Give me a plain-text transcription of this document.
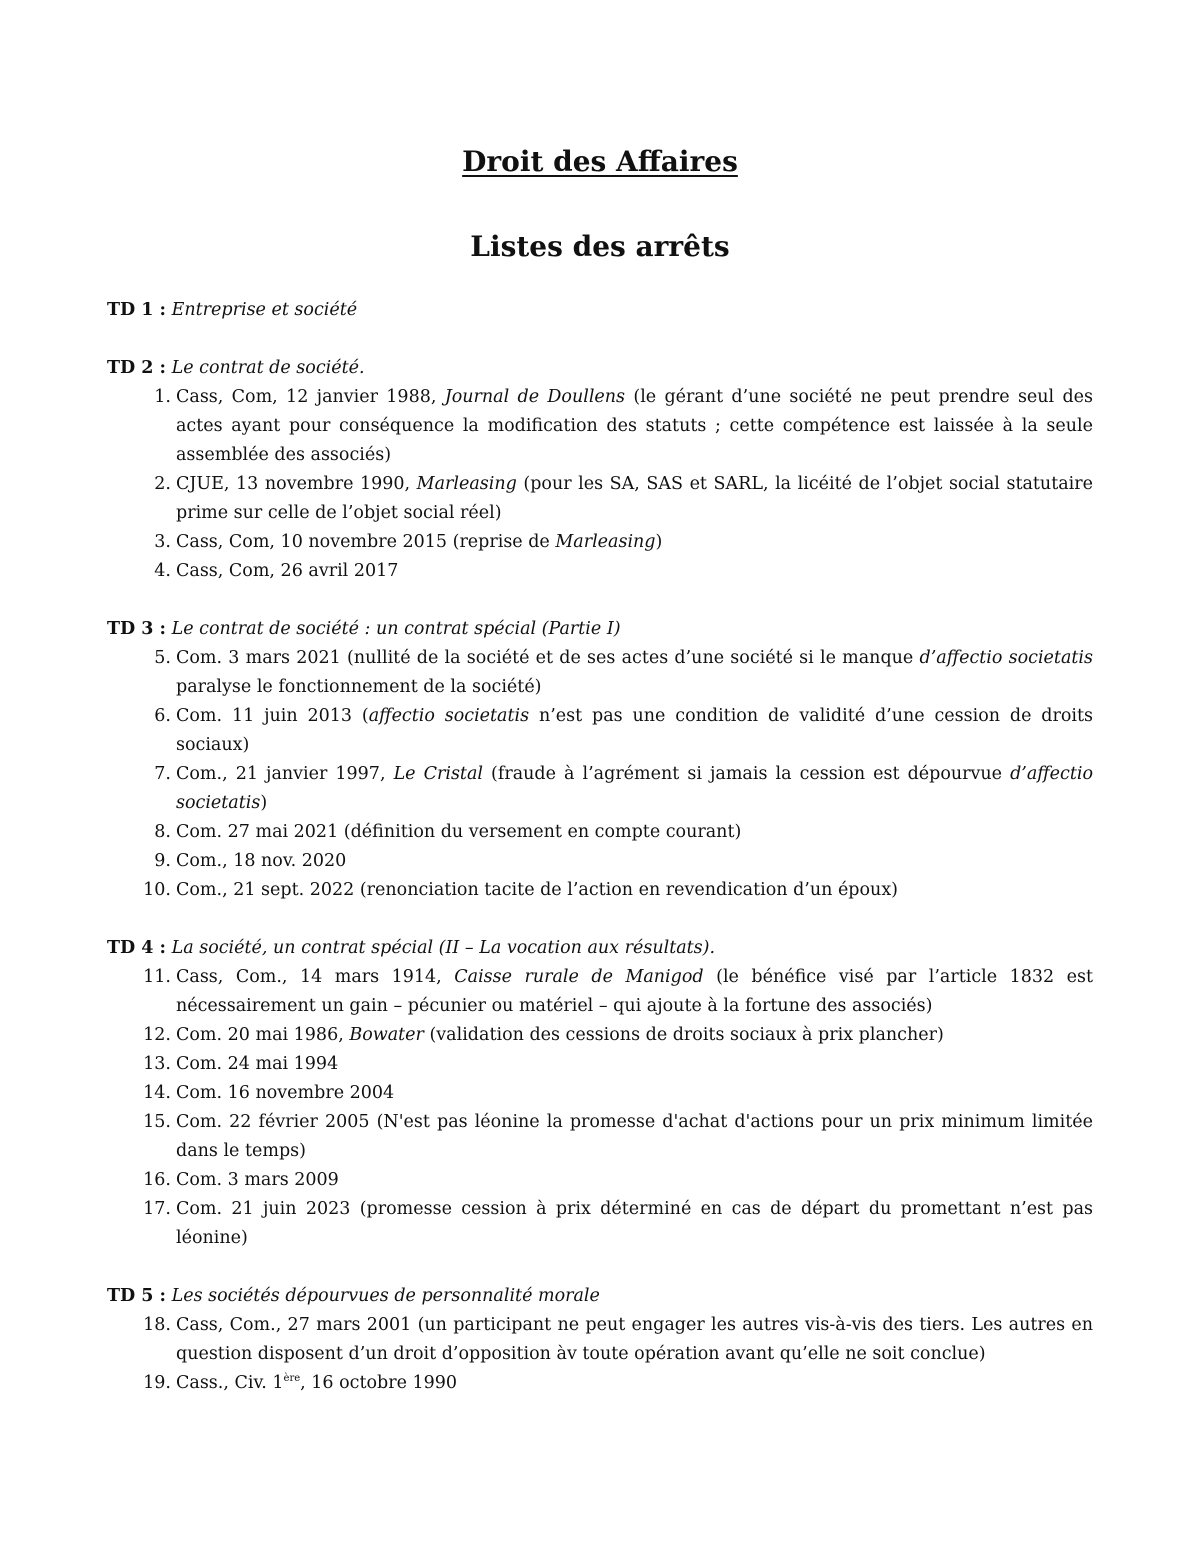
Droit des Affaires
Listes des arrêts

TD 1 : Entreprise et société

TD 2 : Le contrat de société.

1. Cass, Com, 12 janvier 1988, Journal de Doullens (le gérant d’une société ne peut prendre seul des actes ayant pour conséquence la modification des statuts ; cette compétence est laissée à la seule assemblée des associés)
2. CJUE, 13 novembre 1990, Marleasing (pour les SA, SAS et SARL, la licéité de l’objet social statutaire prime sur celle de l’objet social réel)
3. Cass, Com, 10 novembre 2015 (reprise de Marleasing)
4. Cass, Com, 26 avril 2017

TD 3 : Le contrat de société : un contrat spécial (Partie I)

5. Com. 3 mars 2021 (nullité de la société et de ses actes d’une société si le manque d’affectio societatis paralyse le fonctionnement de la société)
6. Com. 11 juin 2013 (affectio societatis n’est pas une condition de validité d’une cession de droits sociaux)
7. Com., 21 janvier 1997, Le Cristal (fraude à l’agrément si jamais la cession est dépourvue d’affectio societatis)
8. Com. 27 mai 2021 (définition du versement en compte courant)
9. Com., 18 nov. 2020
10. Com., 21 sept. 2022 (renonciation tacite de l’action en revendication d’un époux)

TD 4 : La société, un contrat spécial (II – La vocation aux résultats).

11. Cass, Com., 14 mars 1914, Caisse rurale de Manigod (le bénéfice visé par l’article 1832 est nécessairement un gain – pécunier ou matériel – qui ajoute à la fortune des associés)
12. Com. 20 mai 1986, Bowater (validation des cessions de droits sociaux à prix plancher)
13. Com. 24 mai 1994
14. Com. 16 novembre 2004
15. Com. 22 février 2005 (N'est pas léonine la promesse d'achat d'actions pour un prix minimum limitée dans le temps)
16. Com. 3 mars 2009
17. Com. 21 juin 2023 (promesse cession à prix déterminé en cas de départ du promettant n’est pas léonine)

TD 5 : Les sociétés dépourvues de personnalité morale

18. Cass, Com., 27 mars 2001 (un participant ne peut engager les autres vis-à-vis des tiers. Les autres en question disposent d’un droit d’opposition àv toute opération avant qu’elle ne soit conclue)
19. Cass., Civ. 1ère, 16 octobre 1990
